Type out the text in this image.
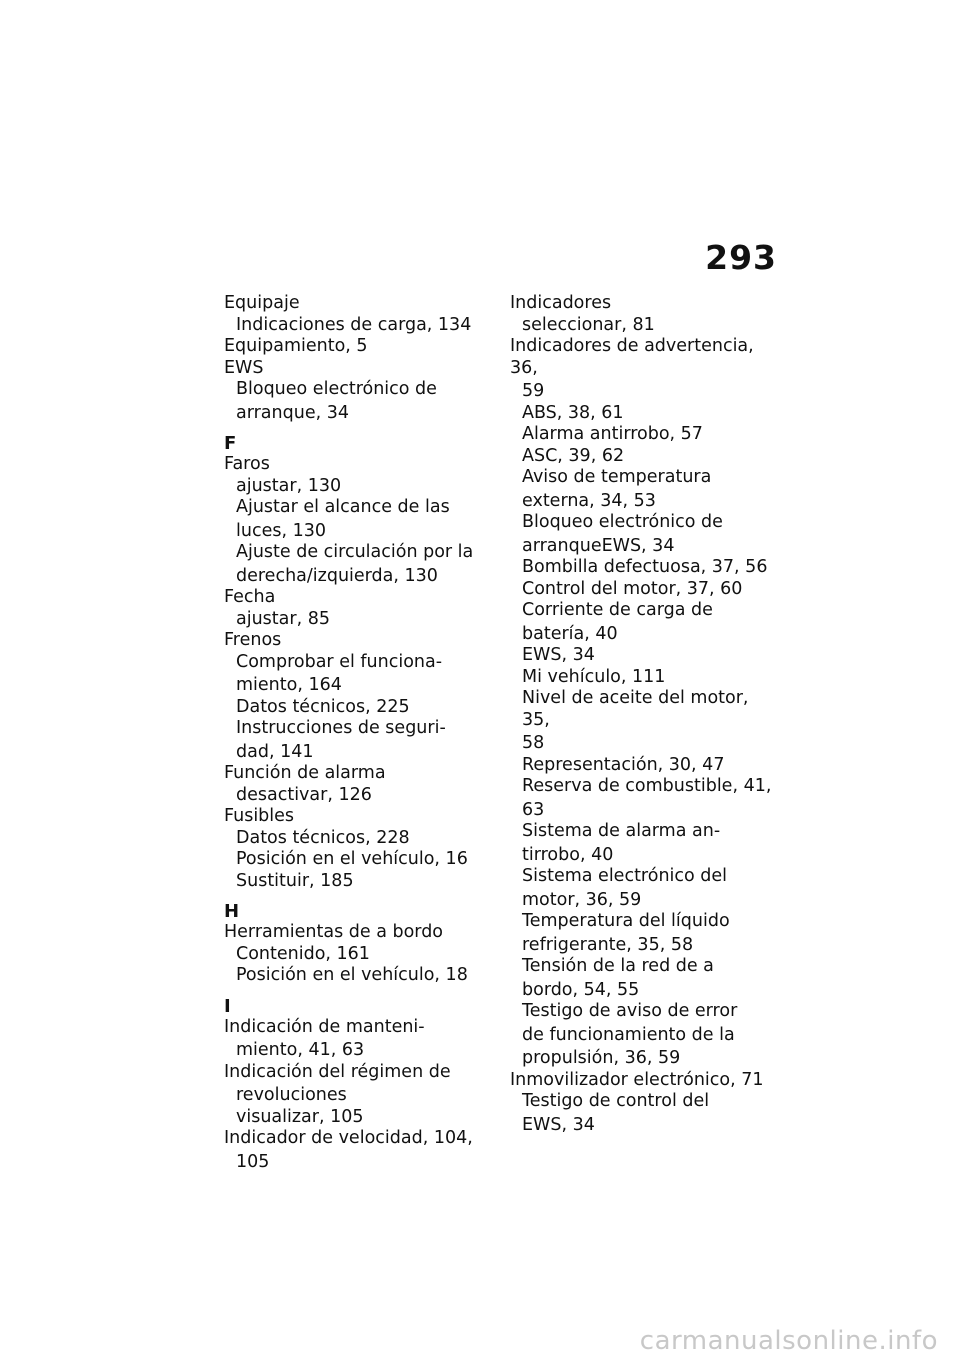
293
Equipaje
Indicaciones de carga, 134
Equipamiento, 5
EWS
Bloqueo electrónico de
arranque, 34
F
Faros
ajustar, 130
Ajustar el alcance de las
luces, 130
Ajuste de circulación por la
derecha/izquierda, 130
Fecha
ajustar, 85
Frenos
Comprobar el funciona-
miento, 164
Datos técnicos, 225
Instrucciones de seguri-
dad, 141
Función de alarma
desactivar, 126
Fusibles
Datos técnicos, 228
Posición en el vehículo, 16
Sustituir, 185
H
Herramientas de a bordo
Contenido, 161
Posición en el vehículo, 18
I
Indicación de manteni-
miento, 41, 63
Indicación del régimen de
revoluciones
visualizar, 105
Indicador de velocidad, 104,
105
Indicadores
seleccionar, 81
Indicadores de advertencia, 36,
59
ABS, 38, 61
Alarma antirrobo, 57
ASC, 39, 62
Aviso de temperatura
externa, 34, 53
Bloqueo electrónico de
arranqueEWS, 34
Bombilla defectuosa, 37, 56
Control del motor, 37, 60
Corriente de carga de
batería, 40
EWS, 34
Mi vehículo, 111
Nivel de aceite del motor, 35,
58
Representación, 30, 47
Reserva de combustible, 41,
63
Sistema de alarma an-
tirrobo, 40
Sistema electrónico del
motor, 36, 59
Temperatura del líquido
refrigerante, 35, 58
Tensión de la red de a
bordo, 54, 55
Testigo de aviso de error
de funcionamiento de la
propulsión, 36, 59
Inmovilizador electrónico, 71
Testigo de control del
EWS, 34
carmanualsonline.info
